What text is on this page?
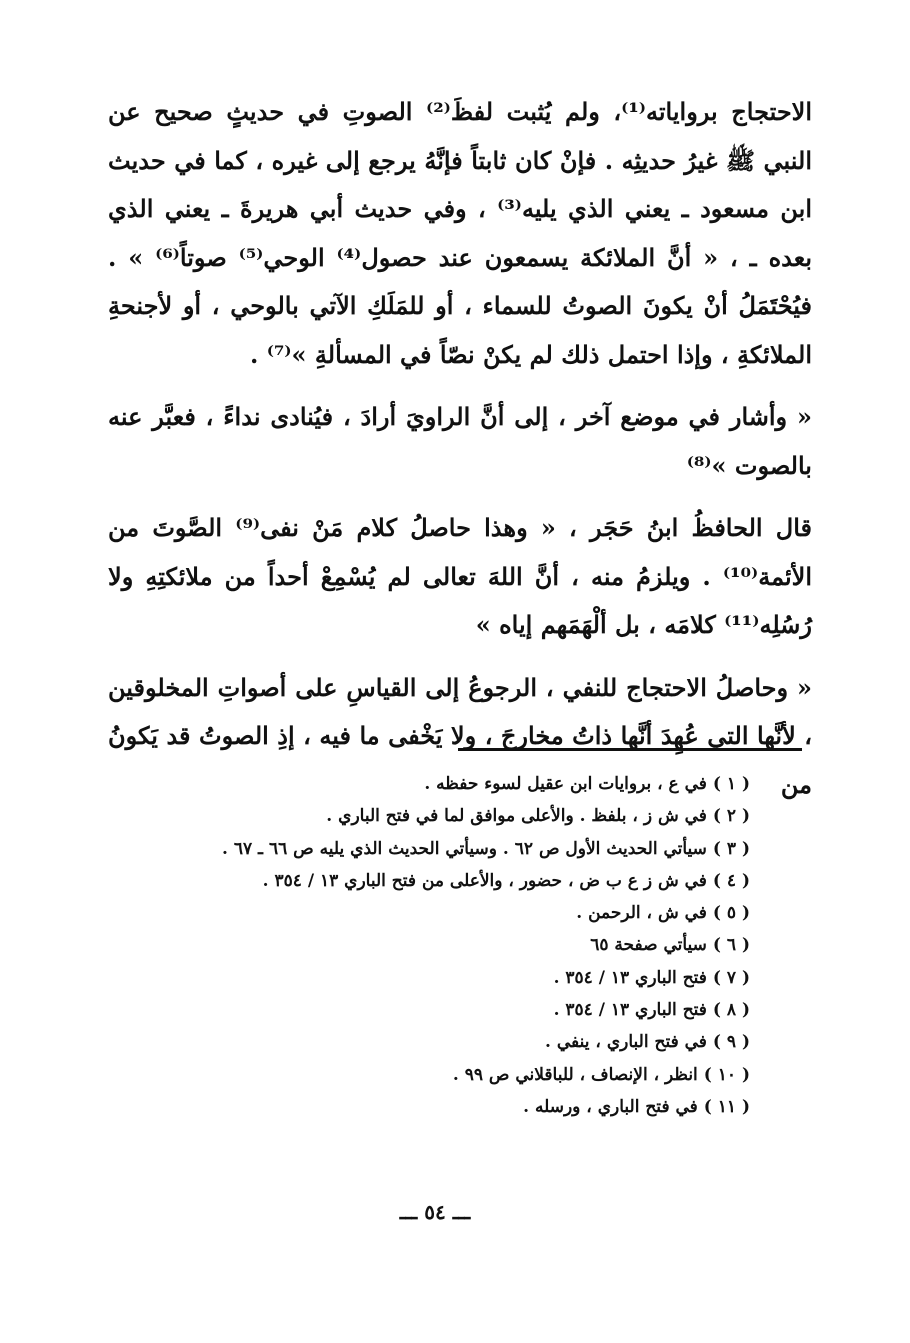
الاحتجاج برواياته⁽¹⁾، ولم يُثبت لفظَ⁽²⁾ الصوتِ في حديثٍ صحيح عن النبي ﷺ غيرُ حديثِه . فإنْ كان ثابتاً فإنَّهُ يرجع إلى غيره ، كما في حديث ابن مسعود ـ يعني الذي يليه⁽³⁾ ، وفي حديث أبي هريرةَ ـ يعني الذي بعده ـ ، « أنَّ الملائكة يسمعون عند حصول⁽⁴⁾ الوحي⁽⁵⁾ صوتاً⁽⁶⁾ » . فيُحْتَمَلُ أنْ يكونَ الصوتُ للسماء ، أو للمَلَكِ الآتي بالوحي ، أو لأجنحةِ الملائكةِ ، وإذا احتمل ذلك لم يكنْ نصّاً في المسألةِ »⁽⁷⁾ .

« وأشار في موضع آخر ، إلى أنَّ الراويَ أرادَ ، فيُنادى نداءً ، فعبَّر عنه بالصوت »⁽⁸⁾

قال الحافظُ ابنُ حَجَر ، « وهذا حاصلُ كلام مَنْ نفى⁽⁹⁾ الصَّوتَ من الأئمة⁽¹⁰⁾ . ويلزمُ منه ، أنَّ اللهَ تعالى لم يُسْمِعْ أحداً من ملائكتِهِ ولا رُسُلِه⁽¹¹⁾ كلامَه ، بل ألْهَمَهم إياه »

« وحاصلُ الاحتجاج للنفي ، الرجوعُ إلى القياسِ على أصواتِ المخلوقين ، لأنَّها التي عُهِدَ أنَّها ذاتُ مخارجَ ، ولا يَخْفى ما فيه ، إذِ الصوتُ قد يَكونُ من

( ١ )في ع ، بروايات ابن عقيل لسوء حفظه .
( ٢ )في ش ز ، بلفظ . والأعلى موافق لما في فتح الباري .
( ٣ )سيأتي الحديث الأول ص ٦٢ . وسيأتي الحديث الذي يليه ص ٦٦ ـ ٦٧ .
( ٤ )في ش ز ع ب ض ، حضور ، والأعلى من فتح الباري ١٣ / ٣٥٤ .
( ٥ )في ش ، الرحمن .
( ٦ )سيأتي صفحة ٦٥
( ٧ )فتح الباري ١٣ / ٣٥٤ .
( ٨ )فتح الباري ١٣ / ٣٥٤ .
( ٩ )في فتح الباري ، ينفي .
( ١٠ )انظر ، الإنصاف ، للباقلاني ص ٩٩ .
( ١١ )في فتح الباري ، ورسله .
ـــ ٥٤ ـــ
